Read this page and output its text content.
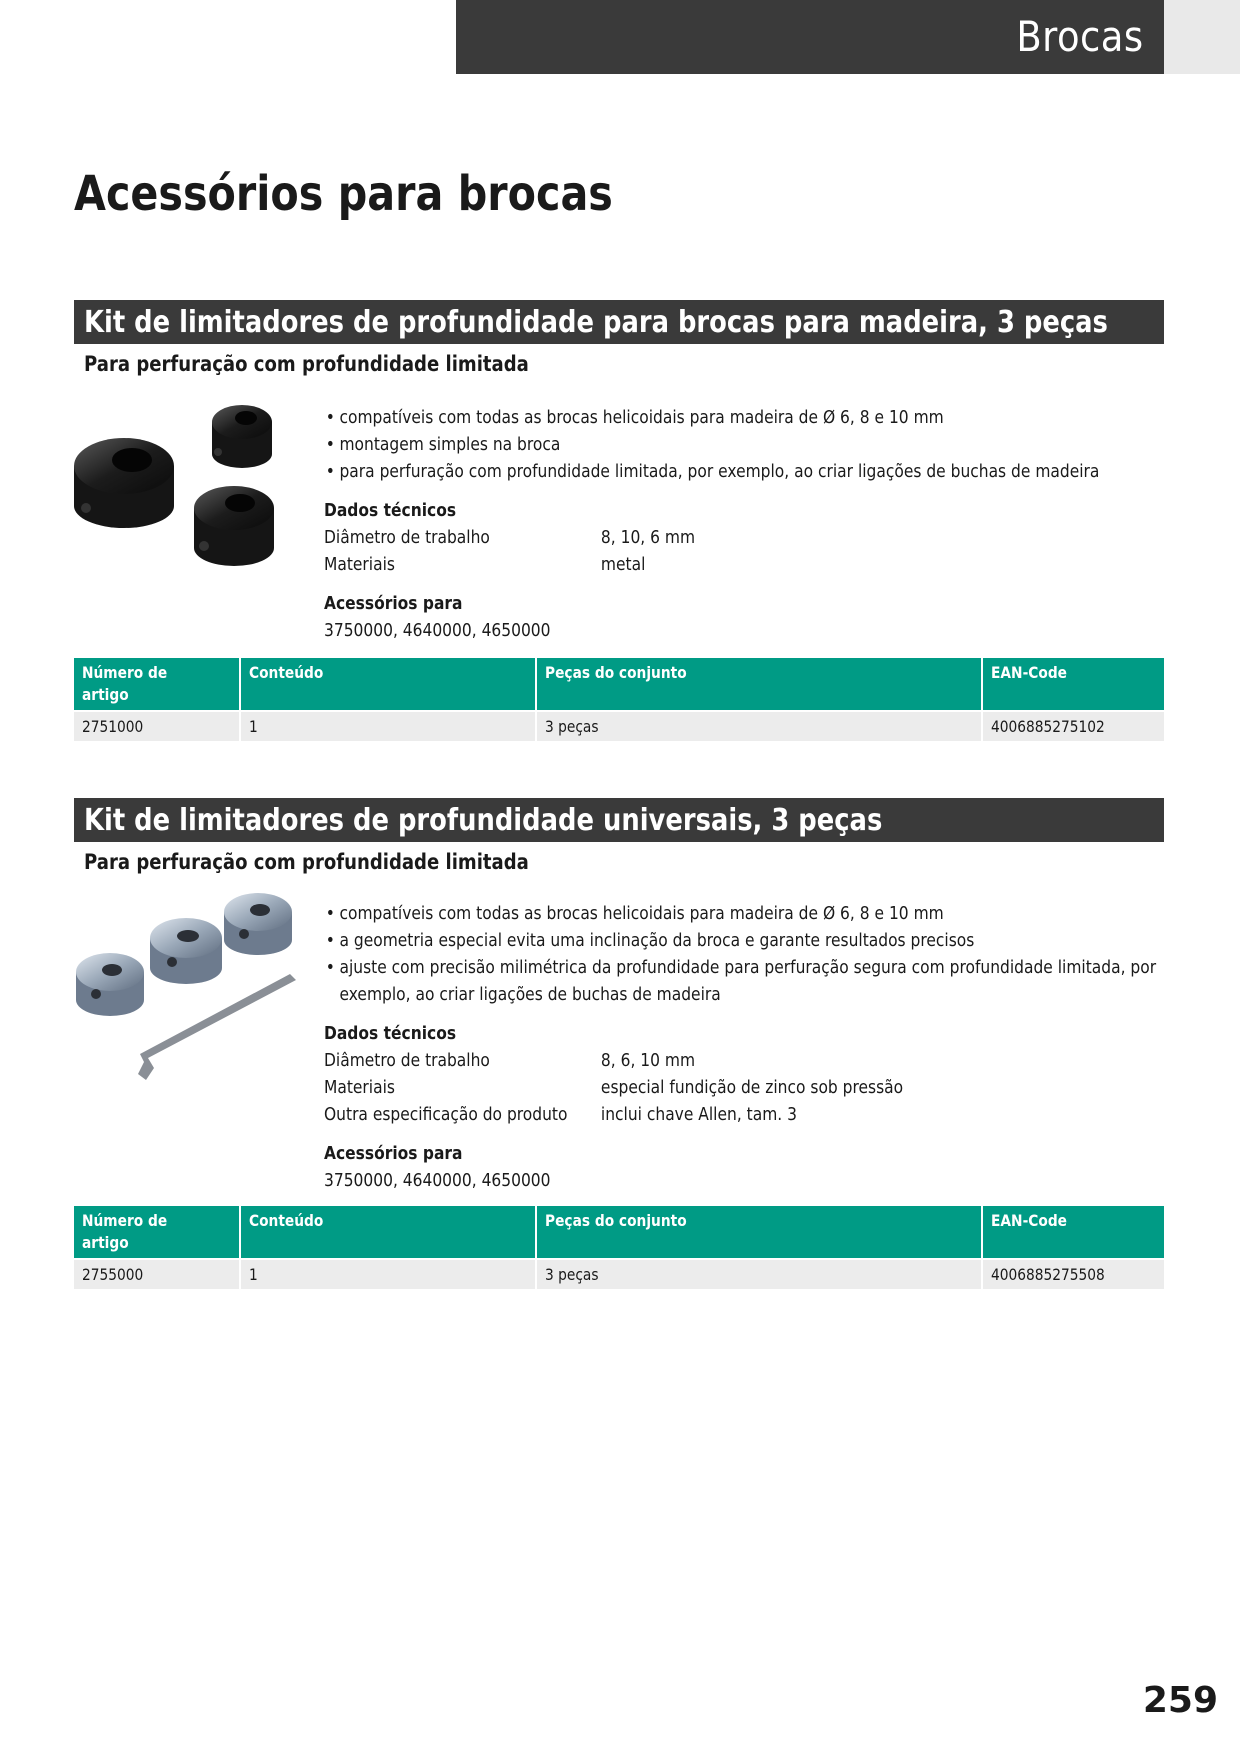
Brocas
Acessórios para brocas
Kit de limitadores de profundidade para brocas para madeira, 3 peças
Para perfuração com profundidade limitada
• compatíveis com todas as brocas helicoidais para madeira de Ø 6, 8 e 10 mm
• montagem simples na broca
• para perfuração com profundidade limitada, por exemplo, ao criar ligações de buchas de madeira
Dados técnicos
Diâmetro de trabalho	8, 10, 6 mm
Materiais	metal
Acessórios para

3750000, 4640000, 4650000

Número de artigo	Conteúdo	Peças do conjunto	EAN-Code
2751000	1	3 peças	4006885275102
Kit de limitadores de profundidade universais, 3 peças
Para perfuração com profundidade limitada
• compatíveis com todas as brocas helicoidais para madeira de Ø 6, 8 e 10 mm
• a geometria especial evita uma inclinação da broca e garante resultados precisos
• ajuste com precisão milimétrica da profundidade para perfuração segura com profundidade limitada, por exemplo, ao criar ligações de buchas de madeira
Dados técnicos
Diâmetro de trabalho	8, 6, 10 mm
Materiais	especial fundição de zinco sob pressão
Outra especificação do produto	inclui chave Allen, tam. 3
Acessórios para

3750000, 4640000, 4650000

Número de artigo	Conteúdo	Peças do conjunto	EAN-Code
2755000	1	3 peças	4006885275508
259
